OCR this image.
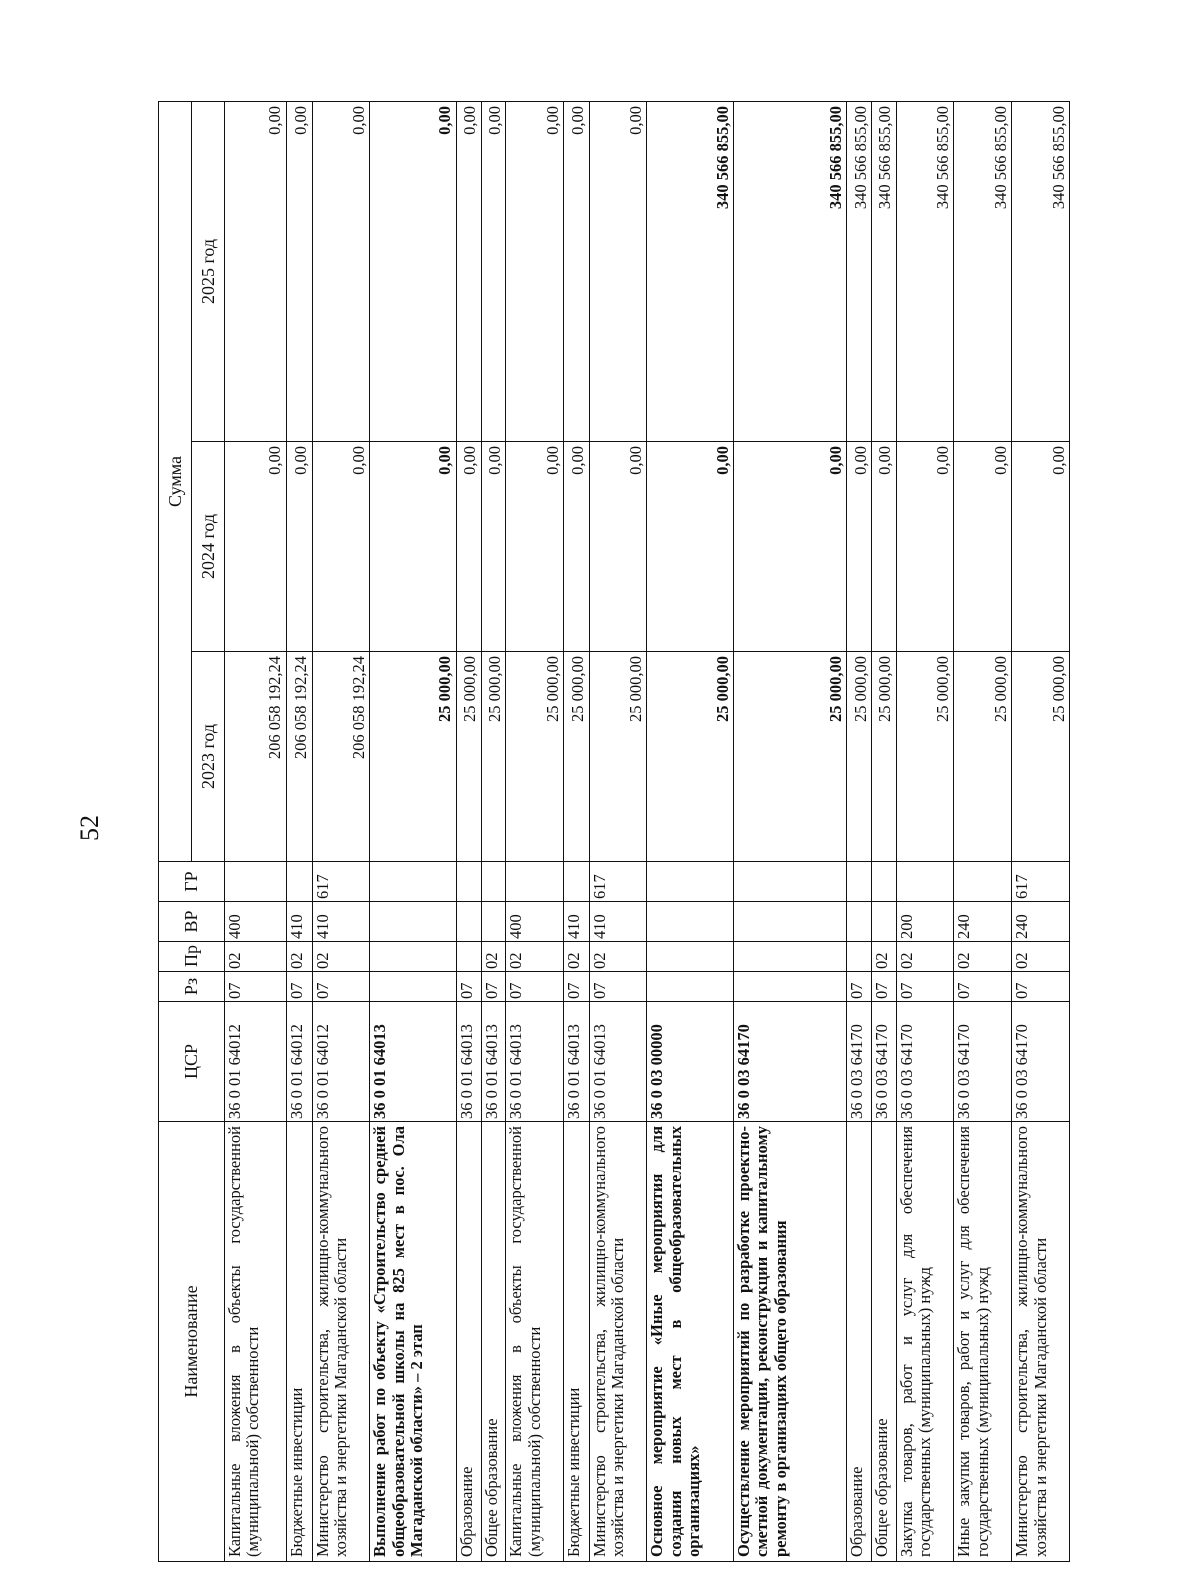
52
Наименование	ЦСР	Рз	Пр	ВР	ГР	Сумма		
						2023 год	2024 год	2025 год
Капитальные вложения в объекты государственной (муниципальной) собственности	36 0 01 64012	07	02	400		206 058 192,24	0,00	0,00
Бюджетные инвестиции	36 0 01 64012	07	02	410		206 058 192,24	0,00	0,00
Министерство строительства, жилищно-коммунального хозяйства и энергетики Магаданской области	36 0 01 64012	07	02	410	617	206 058 192,24	0,00	0,00
Выполнение работ по объекту «Строительство средней общеобразовательной школы на 825 мест в пос. Ола Магаданской области» – 2 этап	36 0 01 64013					25 000,00	0,00	0,00
Образование	36 0 01 64013	07				25 000,00	0,00	0,00
Общее образование	36 0 01 64013	07	02			25 000,00	0,00	0,00
Капитальные вложения в объекты государственной (муниципальной) собственности	36 0 01 64013	07	02	400		25 000,00	0,00	0,00
Бюджетные инвестиции	36 0 01 64013	07	02	410		25 000,00	0,00	0,00
Министерство строительства, жилищно-коммунального хозяйства и энергетики Магаданской области	36 0 01 64013	07	02	410	617	25 000,00	0,00	0,00
Основное мероприятие «Иные мероприятия для создания новых мест в общеобразовательных организациях»	36 0 03 00000					25 000,00	0,00	340 566 855,00
Осуществление мероприятий по разработке проектно-сметной документации, реконструкции и капитальному ремонту в организациях общего образования	36 0 03 64170					25 000,00	0,00	340 566 855,00
Образование	36 0 03 64170	07				25 000,00	0,00	340 566 855,00
Общее образование	36 0 03 64170	07	02			25 000,00	0,00	340 566 855,00
Закупка товаров, работ и услуг для обеспечения государственных (муниципальных) нужд	36 0 03 64170	07	02	200		25 000,00	0,00	340 566 855,00
Иные закупки товаров, работ и услуг для обеспечения государственных (муниципальных) нужд	36 0 03 64170	07	02	240		25 000,00	0,00	340 566 855,00
Министерство строительства, жилищно-коммунального хозяйства и энергетики Магаданской области	36 0 03 64170	07	02	240	617	25 000,00	0,00	340 566 855,00
